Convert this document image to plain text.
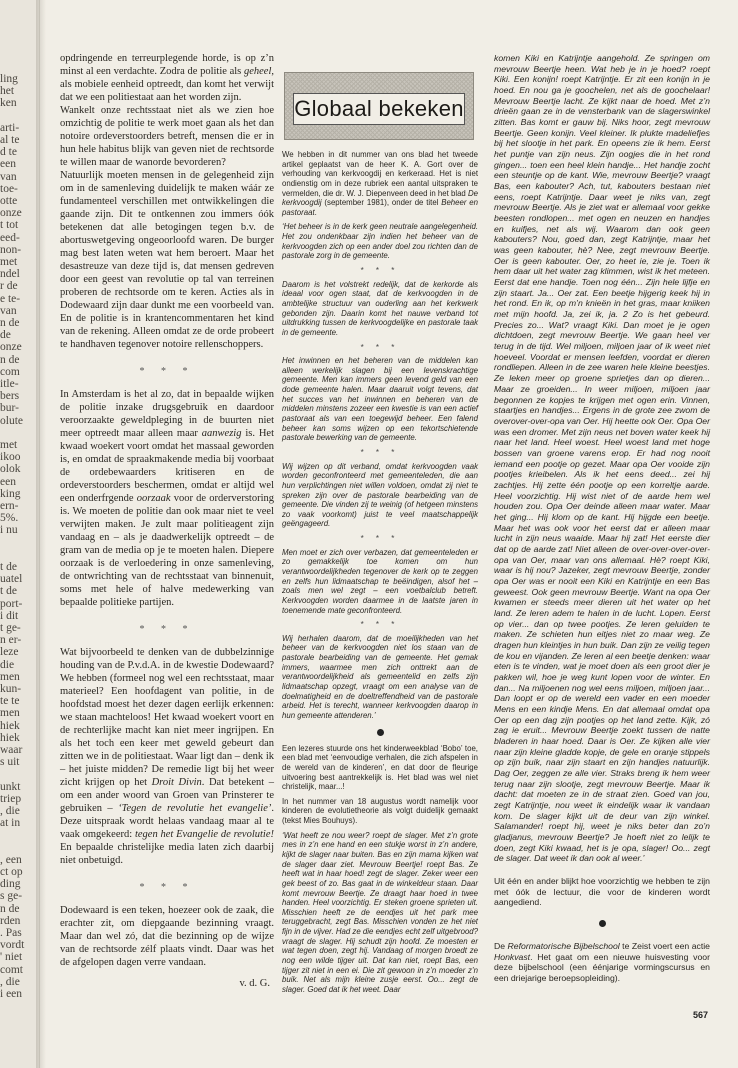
ling
het
ken
arti-
al te
d te
een
van
toe-
otte
onze
t tot
eed-
non-
met
ndel
r de
e te-
van
n de
de
onze
n de
com
itle-
bers
bur-
olute
met
ikoo
olok
een
king
ern-
5%.
i nu
t de
uatel
t de
port-
i dit
t ge-
n er-
leze
die
men
kun-
te te
men
hiek
hiek
waar
s uit
unkt
triep
, die
at in
, een
ct op
ding
s ge-
n de
rden
. Pas
vordt
' niet
comt
, die
i een

opdringende en terreurplegende horde, is op z’n minst al een verdachte. Zodra de politie als geheel, als mobiele eenheid optreedt, dan komt het verwijt dat we een politiestaat aan het worden zijn.

Wankelt onze rechtsstaat niet als we zien hoe omzichtig de politie te werk moet gaan als het dan notoire ordeverstoorders betreft, mensen die er in hun hele habitus blijk van geven niet de rechtsorde te willen maar de wanorde bevorderen?

Natuurlijk moeten mensen in de gelegenheid zijn om in de samenleving duidelijk te maken wáár ze fundamenteel verschillen met ontwikkelingen die gaande zijn. Dit te ontkennen zou immers óók betekenen dat alle betogingen tegen b.v. de abortuswetgeving ongeoorloofd waren. De burger mag best laten weten wat hem beroert. Maar het desastreuze van deze tijd is, dat mensen gedreven door een geest van revolutie op tal van terreinen proberen de rechtsorde om te keren. Acties als in Dodewaard zijn daar dunkt me een voorbeeld van. En de politie is in krantencommentaren het kind van de rekening. Alleen omdat ze de orde probeert te handhaven tegenover notoire rellenschoppers.

* * *

In Amsterdam is het al zo, dat in bepaalde wijken de politie inzake drugsgebruik en daardoor veroorzaakte geweldpleging in de buurten niet meer optreedt maar alleen maar aanwezig is. Het kwaad woekert voort omdat het massaal geworden is, en omdat de spraakmakende media bij voorbaat de ordebewaarders kritiseren en de ordeverstoorders beschermen, omdat er altijd wel een onderfrgende oorzaak voor de orderverstoring is. We moeten de politie dan ook maar niet te veel verwijten maken. Je zult maar politieagent zijn vandaag en – als je daadwerkelijk optreedt – de gram van de media op je te moeten halen. Diepere oorzaak is de verloedering in onze samenleving, de ontwrichting van de rechtsstaat van binnenuit, soms met hele of halve medewerking van bepaalde politieke partijen.

* * *

Wat bijvoorbeeld te denken van de dubbelzinnige houding van de P.v.d.A. in de kwestie Dodewaard? We hebben (formeel nog wel een rechtsstaat, maar materieel? Een hoofdagent van politie, in de hoofdstad moest het dezer dagen eerlijk erkennen: we staan machteloos! Het kwaad woekert voort en de rechterlijke macht kan niet meer ingrijpen. En als het toch een keer met geweld gebeurt dan zitten we in de politiestaat. Waar ligt dan – denk ik – het juiste midden? De remedie ligt bij het weer zicht krijgen op het Droit Divin. Dat betekent – om een ander woord van Groen van Prinsterer te gebruiken – ‘Tegen de revolutie het evangelie’. Deze uitspraak wordt helaas vandaag maar al te vaak omgekeerd: tegen het Evangelie de revolutie! En bepaalde christelijke media laten zich daarbij niet onbetuigd.

* * *

Dodewaard is een teken, hoezeer ook de zaak, die erachter zit, om diepgaande bezinning vraagt. Maar dan wel zó, dat die bezinning op de wijze van de rechtsorde zélf plaats vindt. Daar was het de afgelopen dagen verre vandaan.

v. d. G.
Globaal bekeken

We hebben in dit nummer van ons blad het tweede artikel geplaatst van de heer K. A. Gort over de verhouding van kerkvoogdij en kerkeraad. Het is niet ondienstig om in deze rubriek een aantal uitspraken te vermelden, die dr. W. J. Diepenveen deed in het blad De kerkvoogdij (september 1981), onder de titel Beheer en pastoraat.

‘Het beheer is in de kerk geen neutrale aangelegenheid. Het zou ondenkbaar zijn indien het beheer van de kerkvoogden zich op een ander doel zou richten dan de pastorale zorg in de gemeente.

* * *

Daarom is het volstrekt redelijk, dat de kerkorde als ideaal voor ogen staat, dat de kerkvoogden in de ambtelijke structuur van ouderling aan het kerkwerk gebonden zijn. Daarin komt het nauwe verband tot uitdrukking tussen de kerkvoogdelijke en pastorale taak in de gemeente.

* * *

Het inwinnen en het beheren van de middelen kan alleen werkelijk slagen bij een levenskrachtige gemeente. Men kan immers geen levend geld van een dode gemeente halen. Maar daaruit volgt tevens, dat het succes van het inwinnen en beheren van de middelen minstens zozeer een kwestie is van een actief pastoraat als van een toegewijd beheer. Een falend beheer kan soms wijzen op een tekortschietende pastorale bewerking van de gemeente.

* * *

Wij wijzen op dit verband, omdat kerkvoogden vaak worden geconfronteerd met gemeenteleden, die aan hun verplichtingen niet willen voldoen, omdat zij niet te spreken zijn over de pastorale bearbeiding van de gemeente. Die vinden zij te weinig (of hetgeen minstens zo vaak voorkomt) juist te veel maatschappelijk geëngageerd.

* * *

Men moet er zich over verbazen, dat gemeenteleden er zo gemakkelijk toe komen om hun verantwoordelijkheden tegenover de kerk op te zeggen en zelfs hun lidmaatschap te beëindigen, alsof het – zoals men wel zegt – een voetbalclub betreft. Kerkvoogden worden daarmee in de laatste jaren in toenemende mate geconfronteerd.

* * *

Wij herhalen daarom, dat de moeilijkheden van het beheer van de kerkvoogden niet los staan van de pastorale bearbeiding van de gemeente. Het gemak immers, waarmee men zich onttrekt aan de verantwoordelijkheid als gemeentelid en zelfs zijn lidmaatschap opzegt, vraagt om een analyse van de doelmatigheid en de doeltreffendheid van de pastorale arbeid. Het is terecht, wanneer kerkvoogden daarop in hun gemeente attenderen.’

Een lezeres stuurde ons het kinderweekblad ‘Bobo’ toe, een blad met ‘eenvoudige verhalen, die zich afspelen in de wereld van de kinderen’, en dat door de fleurige uitvoering best aantrekkelijk is. Het blad was wel niet christelijk, maar...!

In het nummer van 18 augustus wordt namelijk voor kinderen de evolutietheorie als volgt duidelijk gemaakt (tekst Mies Bouhuys).

‘Wat heeft ze nou weer? roept de slager. Met z’n grote mes in z’n ene hand en een stukje worst in z’n andere, kijkt de slager naar buiten. Bas en zijn mama kijken wat de slager daar ziet. Mevrouw Beertje! roept Bas. Ze heeft wat in haar hoed! zegt de slager. Zeker weer een gek beest of zo. Bas gaat in de winkeldeur staan. Daar komt mevrouw Beertje. Ze draagt haar hoed in twee handen. Heel voorzichtig. Er steken groene sprieten uit. Misschien heeft ze de eendjes uit het park mee teruggebracht, zegt Bas. Misschien vonden ze het niet fijn in de vijver. Had ze die eendjes echt zelf uitgebrood? vraagt de slager. Hij schudt zijn hoofd. Ze moesten er wat tegen doen, zegt hij. Vandaag of morgen broedt ze nog een wilde tijger uit. Dat kan niet, roept Bas, een tijger zit niet in een ei. Die zit gewoon in z’n moeder z’n buik. Net als mijn kleine zusje eerst. Oo... zegt de slager. Goed dat ik het weet. Daar

komen Kiki en Katrijntje aangehold. Ze springen om mevrouw Beertje heen. Wat heb je in je hoed? roept Kiki. Een konijn! roept Katrijntje. Er zit een konijn in je hoed. En nou ga je goochelen, net als de goochelaar! Mevrouw Beertje lacht. Ze kijkt naar de hoed. Met z’n drieën gaan ze in de vensterbank van de slagerswinkel zitten. Bas komt er gauw bij. Niks hoor, zegt mevrouw Beertje. Geen konijn. Veel kleiner. Ik plukte madeliefjes bij het slootje in het park. En opeens zie ik hem. Eerst het puntje van zijn neus. Zijn oogjes die in het rond gingen... toen een heel klein handje... Het handje zocht een steuntje op de kant. Wie, mevrouw Beertje? vraagt Bas, een kabouter? Ach, tut, kabouters bestaan niet eens, roept Katrijntje. Daar weet je niks van, zegt mevrouw Beertje. Als je ziet wat er allemaal voor gekke beesten rondlopen... met ogen en neuzen en handjes en kuifjes, net als wij. Waarom dan ook geen kabouters? Nou, goed dan, zegt Katrijntje, maar het was geen kabouter, hè? Nee, zegt mevrouw Beertje. Oer is geen kabouter. Oer, zo heet ie, zie je. Toen ik hem daar uit het water zag klimmen, wist ik het meteen. Eerst dat ene handje. Toen nog één... Zijn hele lijfje en zijn staart. Ja... Oer zat. Een beetje hijgerig keek hij in het rond. En ik, op m’n knieën in het gras, maar kniiken met mijn hoofd. Ja, zei ik, ja. 2 Zo is het gebeurd. Precies zo... Wat? vraagt Kiki. Dan moet je je ogen dichtdoen, zegt mevrouw Beertje. We gaan heel ver terug in de tijd. Wel miljoen, miljoen jaar of ik weet niet hoeveel. Voordat er mensen leefden, voordat er dieren rondliepen. Alleen in de zee waren hele kleine beestjes. Ze leken meer op groene sprietjes dan op dieren... Maar ze groeiden... In weer miljoen, miljoen jaar begonnen ze kopjes te krijgen met ogen erin. Vinnen, staartjes en handjes... Ergens in de grote zee zwom de overover-over-opa van Oer. Hij heette ook Oer. Opa Oer was een dromer. Met zijn neus net boven water keek hij naar het land. Heel woest. Heel woest land met hoge bossen van groene varens erop. Er had nog nooit iemand een pootje op gezet. Maar opa Oer vooide zijn pootjes krieibelen. Als ik het eens deed... zei hij zachtjes. Hij zette één pootje op een korreltje aarde. Heel voorzichtig. Hij wist niet of de aarde hem wel houden zou. Opa Oer deinde alleen maar water. Maar het ging... Hij klom op de kant. Hij hijgde een beetje. Maar het was ook voor het eerst dat er alleen maar lucht in zijn neus waaide. Maar hij zat! Het eerste dier dat op de aarde zat! Niet alleen de over-over-over-over-opa van Oer, maar van ons allemaal. Hè? roept Kiki, waar is hij nou? Jazeker, zegt mevrouw Beertje, zonder opa Oer was er nooit een Kiki en Katrijntje en een Bas geweest. Ook geen mevrouw Beertje. Want na opa Oer kwamen er steeds meer dieren uit het water op het land. Ze leren adem te halen in de lucht. Lopen. Eerst op vier... dan op twee pootjes. Ze leren geluiden te maken. Ze schieten hun eitjes niet zo maar weg. Ze dragen hun kleintjes in hun buik. Dan zijn ze veilig tegen de kou en vijanden. Ze leren al een beetje denken: waar eten is te vinden, wat je moet doen als een groot dier je pakken wil, hoe je weg kunt lopen voor de winter. En dan... Na miljoenen nog wel eens miljoen, miljoen jaar... Dan loopt er op de wereld een vader en een moeder Mens en een kindje Mens. En dat allemaal omdat opa Oer op een dag zijn pootjes op het land zette. Kijk, zó zag ie eruit... Mevrouw Beertje zoekt tussen de natte bladeren in haar hoed. Daar is Oer. Ze kijken alle vier naar zijn kleine gladde kopje, de gele en oranje stippels op zijn buik, naar zijn staart en zijn handjes natuurlijk. Dag Oer, zeggen ze alle vier. Straks breng ik hem weer terug naar zijn slootje, zegt mevrouw Beertje. Maar ik dacht: dat moeten ze in de straat zien. Goed van jou, zegt Katrijntje, nou weet ik eindelijk waar ik vandaan kom. De slager kijkt uit de deur van zijn winkel. Salamander! roept hij, weet je niks beter dan zo’n gladjanus, mevrouw Beertje? Je hoeft niet zo lelijk te doen, zegt Kiki kwaad, het is je opa, slager! Oo... zegt de slager. Dat weet ik dan ook al weer.’

Uit één en ander blijkt hoe voorzichtig we hebben te zijn met óók de lectuur, die voor de kinderen wordt aangediend.

De Reformatorische Bijbelschool te Zeist voert een actie Honkvast. Het gaat om een nieuwe huisvesting voor deze bijbelschool (een éénjarige vormingscursus en een driejarige beroepsopleiding).

567
